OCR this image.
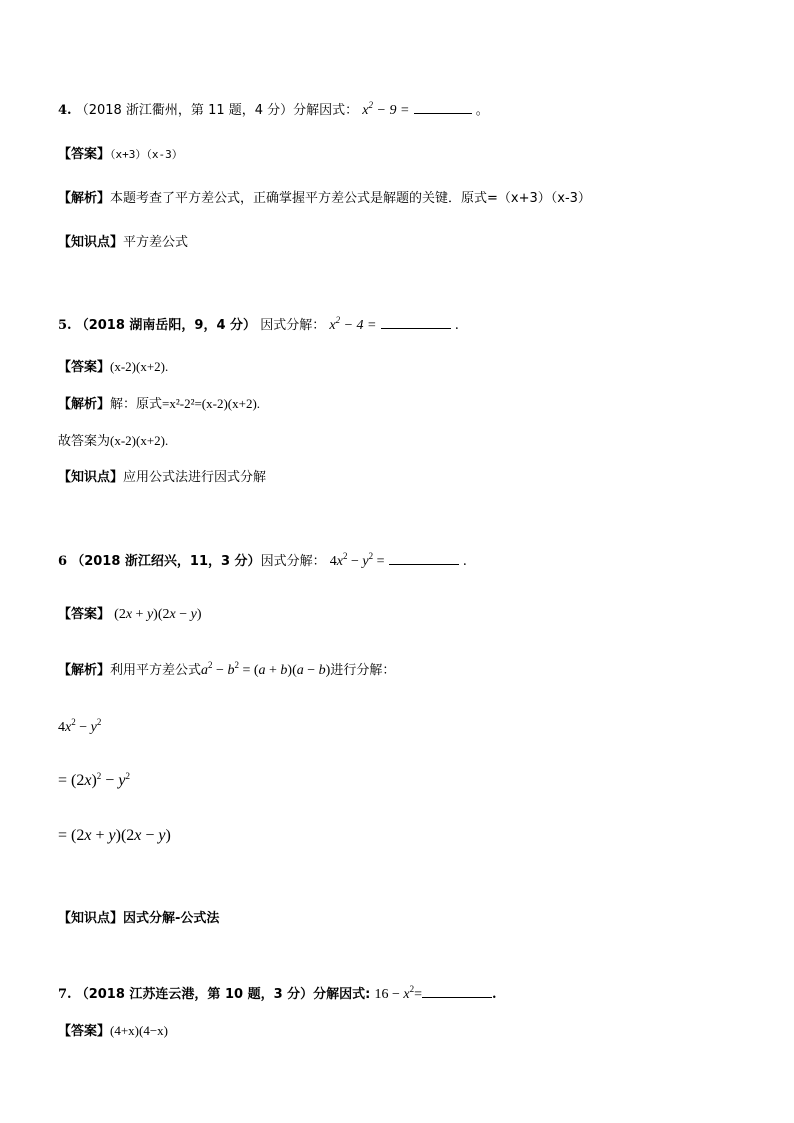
4. （2018 浙江衢州，第 11 题，4 分）分解因式： $x^2 - 9$ =	。
【答案】（x+3）（x-3）
【解析】本题考查了平方差公式，正确掌握平方差公式是解题的关键．原式=（x+3）（x-3）
【知识点】平方差公式
5. （2018 湖南岳阳，9，4 分） 因式分解： $x^2 - 4$ =	.
【答案】(x-2)(x+2).
【解析】解：原式=x²-2²=(x-2)(x+2).
故答案为(x-2)(x+2).
【知识点】应用公式法进行因式分解
6 （2018 浙江绍兴，11，3 分）因式分解： $4x^2 - y^2$ =	.
【答案】 (2x + y)(2x − y)
【解析】利用平方差公式$a^2 - b^2 = (a + b)(a - b)$进行分解：
$4x^2 - y^2$
= $(2x)^2 - y^2$
= (2x + y)(2x − y)
【知识点】因式分解-公式法
7. （2018 江苏连云港，第 10 题，3 分）分解因式: $16 - x^2=$	.
【答案】(4+x)(4−x)
